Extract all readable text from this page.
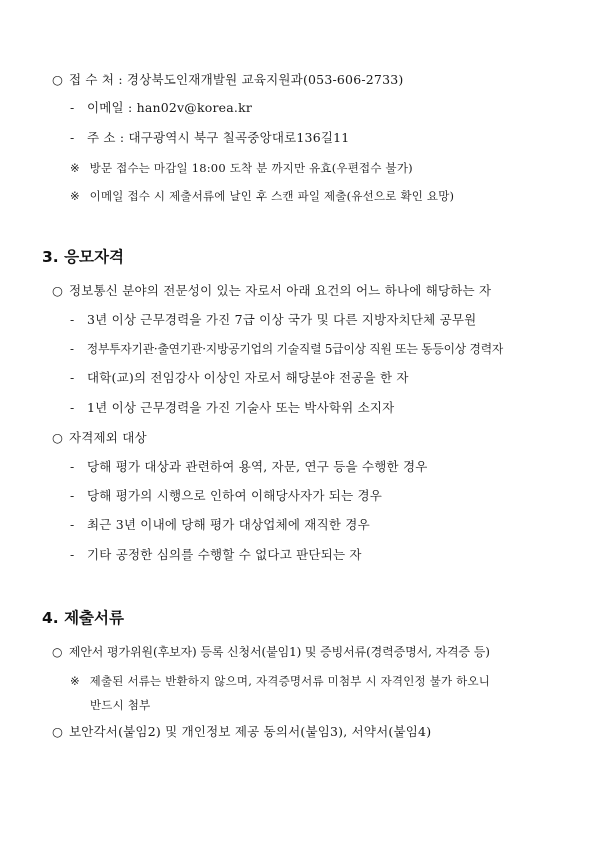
○ 접 수 처 : 경상북도인재개발원 교육지원과(053-606-2733)
- 이메일 : han02v@korea.kr
- 주 소 : 대구광역시 북구 칠곡중앙대로136길11
※ 방문 접수는 마감일 18:00 도착 분 까지만 유효(우편접수 불가)
※ 이메일 접수 시 제출서류에 날인 후 스캔 파일 제출(유선으로 확인 요망)
3. 응모자격
○ 정보통신 분야의 전문성이 있는 자로서 아래 요건의 어느 하나에 해당하는 자
- 3년 이상 근무경력을 가진 7급 이상 국가 및 다른 지방자치단체 공무원
- 정부투자기관·출연기관·지방공기업의 기술직렬 5급이상 직원 또는 동등이상 경력자
- 대학(교)의 전임강사 이상인 자로서 해당분야 전공을 한 자
- 1년 이상 근무경력을 가진 기술사 또는 박사학위 소지자
○ 자격제외 대상
- 당해 평가 대상과 관련하여 용역, 자문, 연구 등을 수행한 경우
- 당해 평가의 시행으로 인하여 이해당사자가 되는 경우
- 최근 3년 이내에 당해 평가 대상업체에 재직한 경우
- 기타 공정한 심의를 수행할 수 없다고 판단되는 자
4. 제출서류
○ 제안서 평가위원(후보자) 등록 신청서(붙임1) 및 증빙서류(경력증명서, 자격증 등)
※ 제출된 서류는 반환하지 않으며, 자격증명서류 미첨부 시 자격인정 불가 하오니
반드시 첨부
○ 보안각서(붙임2) 및 개인정보 제공 동의서(붙임3), 서약서(붙임4)
